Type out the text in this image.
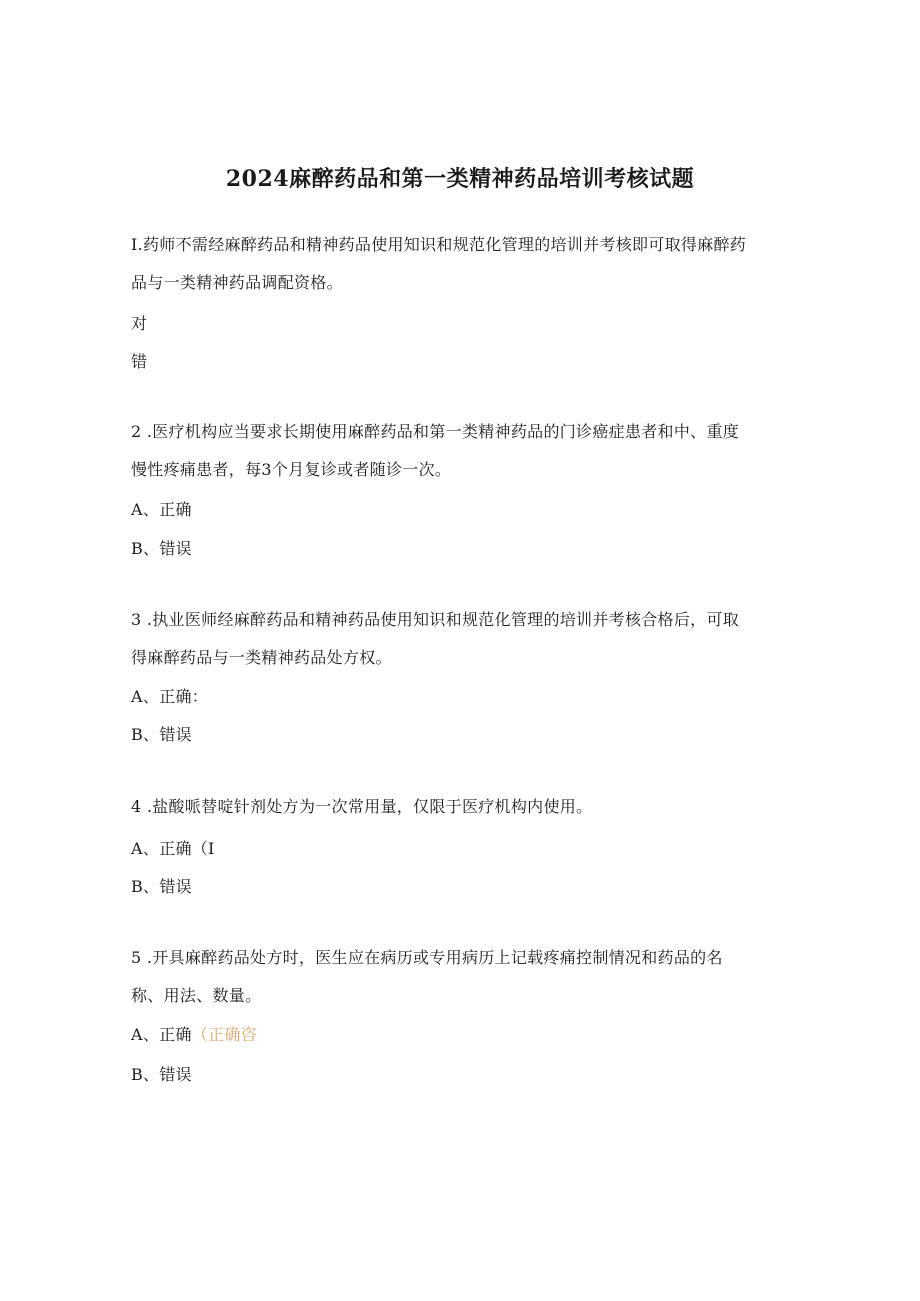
2024麻醉药品和第一类精神药品培训考核试题
I.药师不需经麻醉药品和精神药品使用知识和规范化管理的培训并考核即可取得麻醉药
品与一类精神药品调配资格。
对
错
2 .医疗机构应当要求长期使用麻醉药品和第一类精神药品的门诊癌症患者和中、重度
慢性疼痛患者，每3个月复诊或者随诊一次。
A、正确
B、错误
3 .执业医师经麻醉药品和精神药品使用知识和规范化管理的培训并考核合格后，可取
得麻醉药品与一类精神药品处方权。
A、正确：
B、错误
4 .盐酸哌替啶针剂处方为一次常用量，仅限于医疗机构内使用。
A、正确（I
B、错误
5 .开具麻醉药品处方时，医生应在病历或专用病历上记载疼痛控制情况和药品的名
称、用法、数量。
A、正确（正确咨
B、错误
